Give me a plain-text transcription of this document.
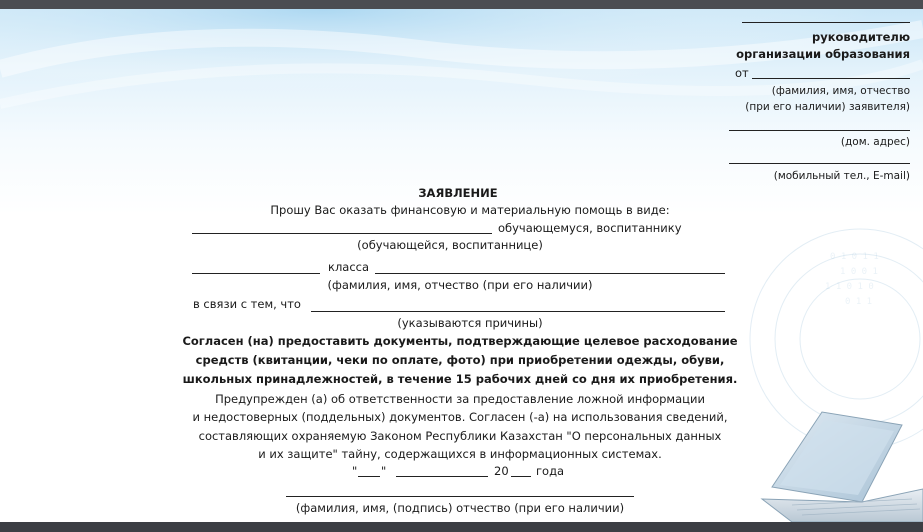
0 1 0 1 1
1 0 0 1
1 1 0 1 0
0 1 1
руководителю
организации образования
от
(фамилия, имя, отчество
(при его наличии) заявителя)
(дом. адрес)
(мобильный тел., E-mail)
ЗАЯВЛЕНИЕ
Прошу Вас оказать финансовую и материальную помощь в виде:
обучающемуся, воспитаннику
(обучающейся, воспитаннице)
класса
(фамилия, имя, отчество (при его наличии)
в связи с тем, что
(указываются причины)
Согласен (на) предоставить документы, подтверждающие целевое расходование
средств (квитанции, чеки по оплате, фото) при приобретении одежды, обуви,
школьных принадлежностей, в течение 15 рабочих дней со дня их приобретения.
Предупрежден (а) об ответственности за предоставление ложной информации
и недостоверных (поддельных) документов. Согласен (-а) на использования сведений,
составляющих охраняемую Законом Республики Казахстан "О персональных данных
и их защите" тайну, содержащихся в информационных системах.
" "	20 года
(фамилия, имя, (подпись) отчество (при его наличии)
